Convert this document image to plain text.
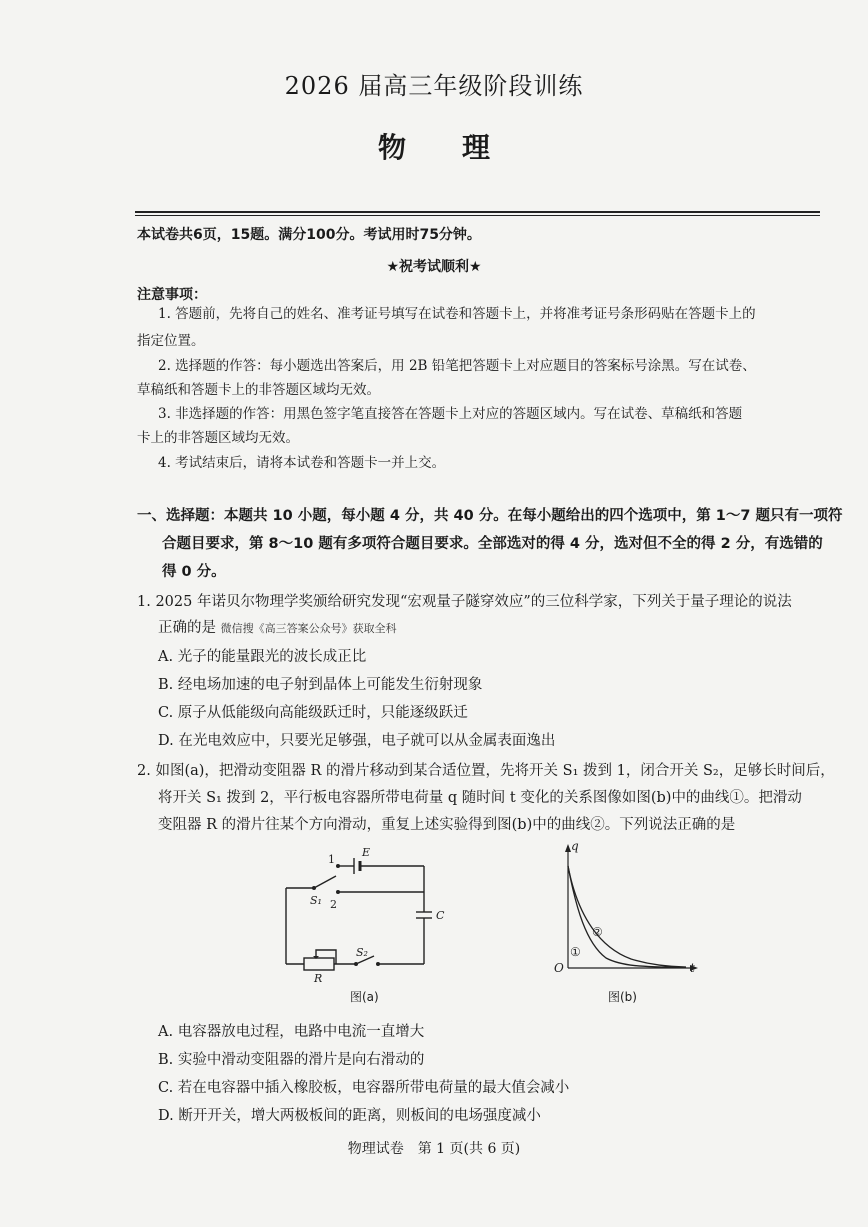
2026 届高三年级阶段训练
物 理
本试卷共6页，15题。满分100分。考试用时75分钟。
★祝考试顺利★
注意事项：
1. 答题前，先将自己的姓名、准考证号填写在试卷和答题卡上，并将准考证号条形码贴在答题卡上的
指定位置。
2. 选择题的作答：每小题选出答案后，用 2B 铅笔把答题卡上对应题目的答案标号涂黑。写在试卷、
草稿纸和答题卡上的非答题区域均无效。
3. 非选择题的作答：用黑色签字笔直接答在答题卡上对应的答题区域内。写在试卷、草稿纸和答题
卡上的非答题区域均无效。
4. 考试结束后，请将本试卷和答题卡一并上交。
一、选择题：本题共 10 小题，每小题 4 分，共 40 分。在每小题给出的四个选项中，第 1～7 题只有一项符
合题目要求，第 8～10 题有多项符合题目要求。全部选对的得 4 分，选对但不全的得 2 分，有选错的
得 0 分。
1. 2025 年诺贝尔物理学奖颁给研究发现“宏观量子隧穿效应”的三位科学家，下列关于量子理论的说法
正确的是 微信搜《高三答案公众号》获取全科
A. 光子的能量跟光的波长成正比
B. 经电场加速的电子射到晶体上可能发生衍射现象
C. 原子从低能级向高能级跃迁时，只能逐级跃迁
D. 在光电效应中，只要光足够强，电子就可以从金属表面逸出
2. 如图(a)，把滑动变阻器 R 的滑片移动到某合适位置，先将开关 S₁ 拨到 1，闭合开关 S₂，足够长时间后，
将开关 S₁ 拨到 2，平行板电容器所带电荷量 q 随时间 t 变化的关系图像如图(b)中的曲线①。把滑动
变阻器 R 的滑片往某个方向滑动，重复上述实验得到图(b)中的曲线②。下列说法正确的是
1
E
S₁ 2
C
R
S₂
图(a)
q
t
O
①
②
图(b)
A. 电容器放电过程，电路中电流一直增大
B. 实验中滑动变阻器的滑片是向右滑动的
C. 若在电容器中插入橡胶板，电容器所带电荷量的最大值会减小
D. 断开开关，增大两极板间的距离，则板间的电场强度减小
物理试卷　第 1 页(共 6 页)
